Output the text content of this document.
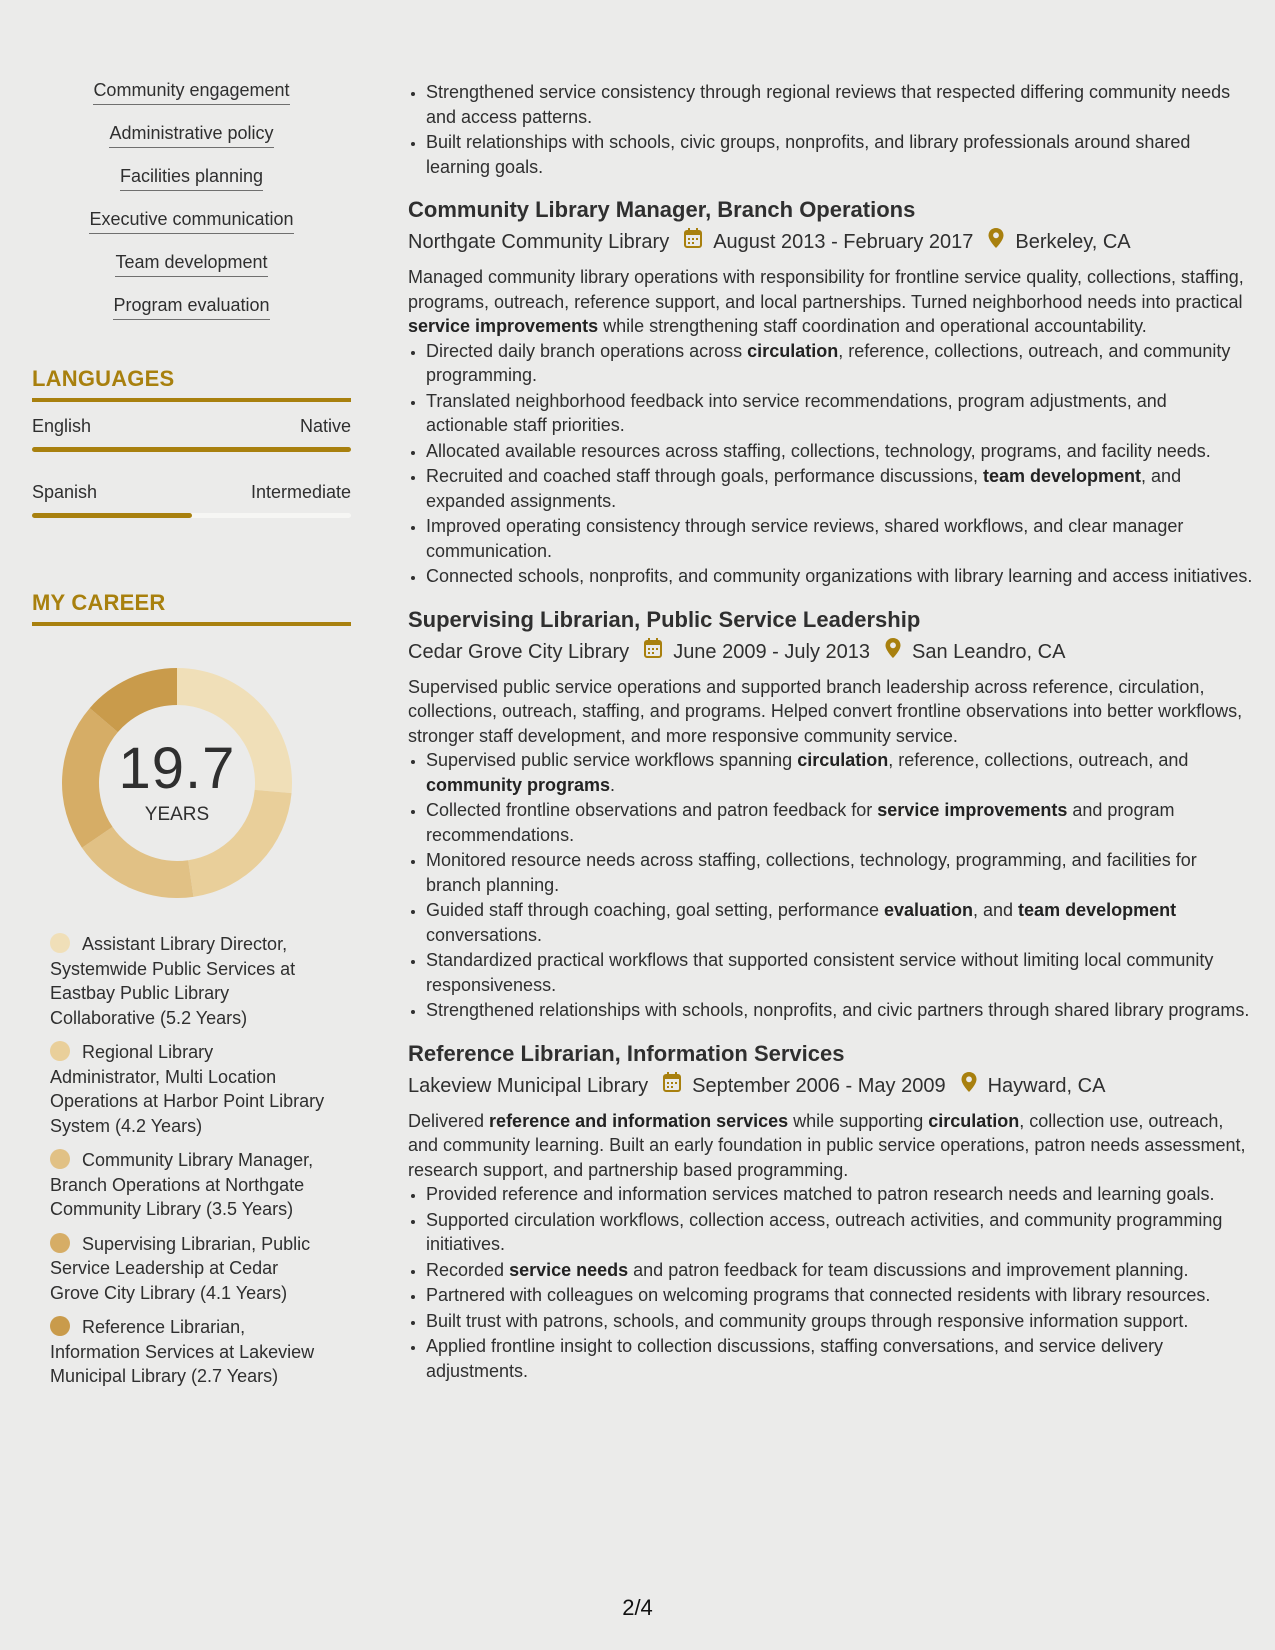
Community engagement
Administrative policy
Facilities planning
Executive communication
Team development
Program evaluation
LANGUAGES
English	Native
Spanish	Intermediate
MY CAREER
19.7
YEARS
Assistant Library Director, Systemwide Public Services at Eastbay Public Library Collaborative (5.2 Years)
Regional Library Administrator, Multi Location Operations at Harbor Point Library System (4.2 Years)
Community Library Manager, Branch Operations at Northgate Community Library (3.5 Years)
Supervising Librarian, Public Service Leadership at Cedar Grove City Library (4.1 Years)
Reference Librarian, Information Services at Lakeview Municipal Library (2.7 Years)
• Strengthened service consistency through regional reviews that respected differing community needs and access patterns.
• Built relationships with schools, civic groups, nonprofits, and library professionals around shared learning goals.
Community Library Manager, Branch Operations
Northgate Community Library August 2013 - February 2017 Berkeley, CA

Managed community library operations with responsibility for frontline service quality, collections, staffing, programs, outreach, reference support, and local partnerships. Turned neighborhood needs into practical service improvements while strengthening staff coordination and operational accountability.

• Directed daily branch operations across circulation, reference, collections, outreach, and community programming.
• Translated neighborhood feedback into service recommendations, program adjustments, and actionable staff priorities.
• Allocated available resources across staffing, collections, technology, programs, and facility needs.
• Recruited and coached staff through goals, performance discussions, team development, and expanded assignments.
• Improved operating consistency through service reviews, shared workflows, and clear manager communication.
• Connected schools, nonprofits, and community organizations with library learning and access initiatives.
Supervising Librarian, Public Service Leadership
Cedar Grove City Library June 2009 - July 2013 San Leandro, CA

Supervised public service operations and supported branch leadership across reference, circulation, collections, outreach, staffing, and programs. Helped convert frontline observations into better workflows, stronger staff development, and more responsive community service.

• Supervised public service workflows spanning circulation, reference, collections, outreach, and community programs.
• Collected frontline observations and patron feedback for service improvements and program recommendations.
• Monitored resource needs across staffing, collections, technology, programming, and facilities for branch planning.
• Guided staff through coaching, goal setting, performance evaluation, and team development conversations.
• Standardized practical workflows that supported consistent service without limiting local community responsiveness.
• Strengthened relationships with schools, nonprofits, and civic partners through shared library programs.
Reference Librarian, Information Services
Lakeview Municipal Library September 2006 - May 2009 Hayward, CA

Delivered reference and information services while supporting circulation, collection use, outreach, and community learning. Built an early foundation in public service operations, patron needs assessment, research support, and partnership based programming.

• Provided reference and information services matched to patron research needs and learning goals.
• Supported circulation workflows, collection access, outreach activities, and community programming initiatives.
• Recorded service needs and patron feedback for team discussions and improvement planning.
• Partnered with colleagues on welcoming programs that connected residents with library resources.
• Built trust with patrons, schools, and community groups through responsive information support.
• Applied frontline insight to collection discussions, staffing conversations, and service delivery adjustments.
2/4
